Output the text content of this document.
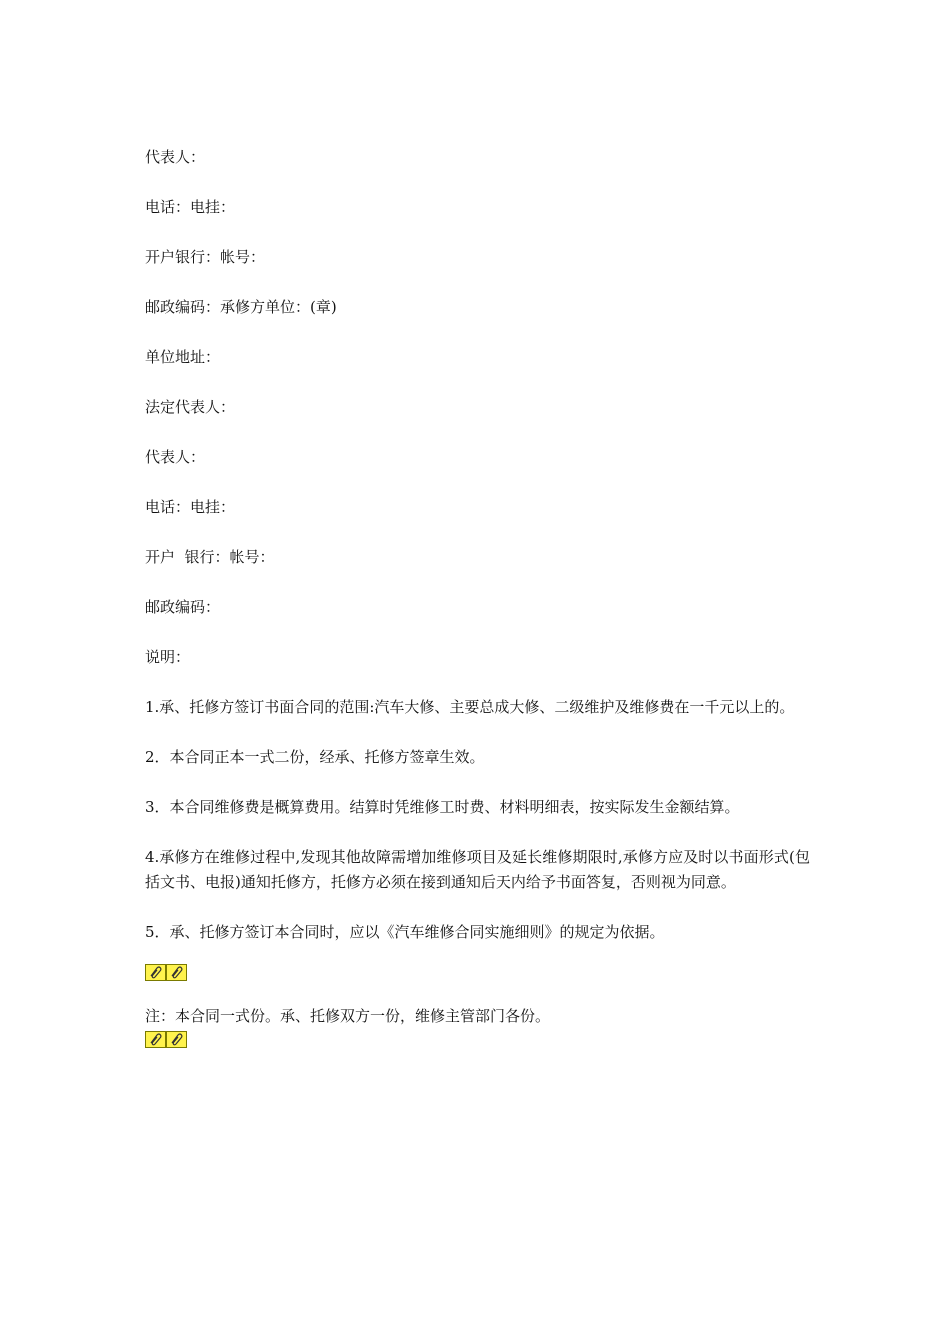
代表人：
电话：电挂：
开户银行：帐号：
邮政编码：承修方单位：(章)
单位地址：
法定代表人：
代表人：
电话：电挂：
开户  银行：帐号：
邮政编码：
说明：
1.承、托修方签订书面合同的范围:汽车大修、主要总成大修、二级维护及维修费在一千元以上的。
2．本合同正本一式二份，经承、托修方签章生效。
3．本合同维修费是概算费用。结算时凭维修工时费、材料明细表，按实际发生金额结算。
4.承修方在维修过程中,发现其他故障需增加维修项目及延长维修期限时,承修方应及时以书面形式(包括文书、电报)通知托修方，托修方必须在接到通知后天内给予书面答复，否则视为同意。
5．承、托修方签订本合同时，应以《汽车维修合同实施细则》的规定为依据。
注：本合同一式份。承、托修双方一份，维修主管部门各份。
